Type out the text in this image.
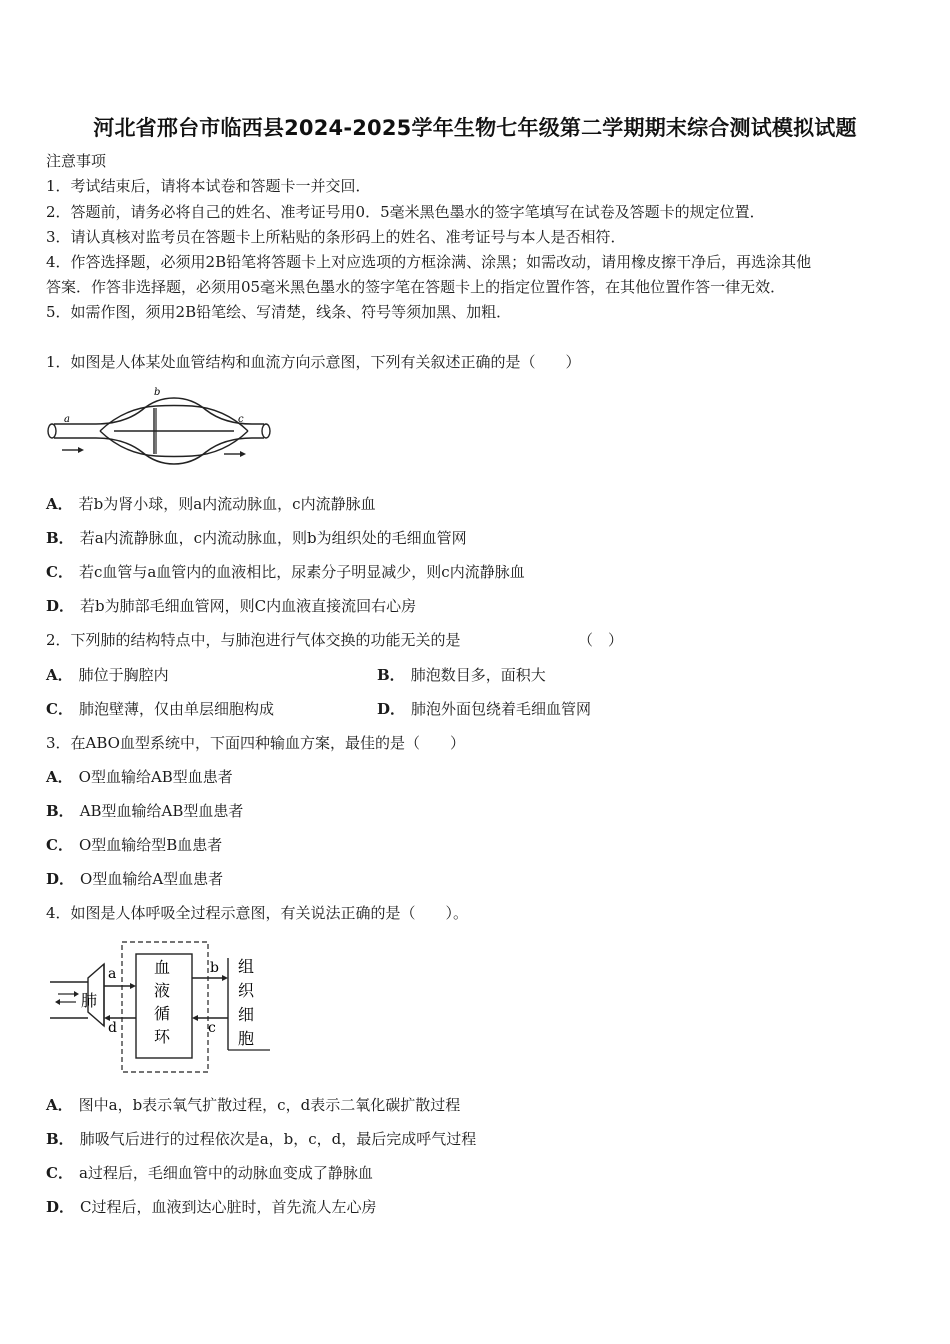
河北省邢台市临西县2024-2025学年生物七年级第二学期期末综合测试模拟试题
注意事项
1．考试结束后，请将本试卷和答题卡一并交回．
2．答题前，请务必将自己的姓名、准考证号用0．5毫米黑色墨水的签字笔填写在试卷及答题卡的规定位置．
3．请认真核对监考员在答题卡上所粘贴的条形码上的姓名、准考证号与本人是否相符．
4．作答选择题，必须用2B铅笔将答题卡上对应选项的方框涂满、涂黑；如需改动，请用橡皮擦干净后，再选涂其他
答案．作答非选择题，必须用05毫米黑色墨水的签字笔在答题卡上的指定位置作答，在其他位置作答一律无效．
5．如需作图，须用2B铅笔绘、写清楚，线条、符号等须加黑、加粗．
1．如图是人体某处血管结构和血流方向示意图，下列有关叙述正确的是（　　）
a
b
c
A． 若b为肾小球，则a内流动脉血，c内流静脉血
B． 若a内流静脉血，c内流动脉血，则b为组织处的毛细血管网
C． 若c血管与a血管内的血液相比，尿素分子明显减少，则c内流静脉血
D． 若b为肺部毛细血管网，则C内血液直接流回右心房
2．下列肺的结构特点中，与肺泡进行气体交换的功能无关的是	（　）
A． 肺位于胸腔内	B． 肺泡数目多，面积大
C． 肺泡壁薄，仅由单层细胞构成	D． 肺泡外面包绕着毛细血管网
3．在ABO血型系统中，下面四种输血方案，最佳的是（　　）
A． O型血输给AB型血患者
B． AB型血输给AB型血患者
C． O型血输给型B血患者
D． O型血输给A型血患者
4．如图是人体呼吸全过程示意图，有关说法正确的是（　　）。
肺
a
d
b
c
血
液
循
环
组
织
细
胞
A． 图中a，b表示氧气扩散过程，c，d表示二氧化碳扩散过程
B． 肺吸气后进行的过程依次是a，b，c，d，最后完成呼气过程
C． a过程后，毛细血管中的动脉血变成了静脉血
D． C过程后，血液到达心脏时，首先流人左心房
